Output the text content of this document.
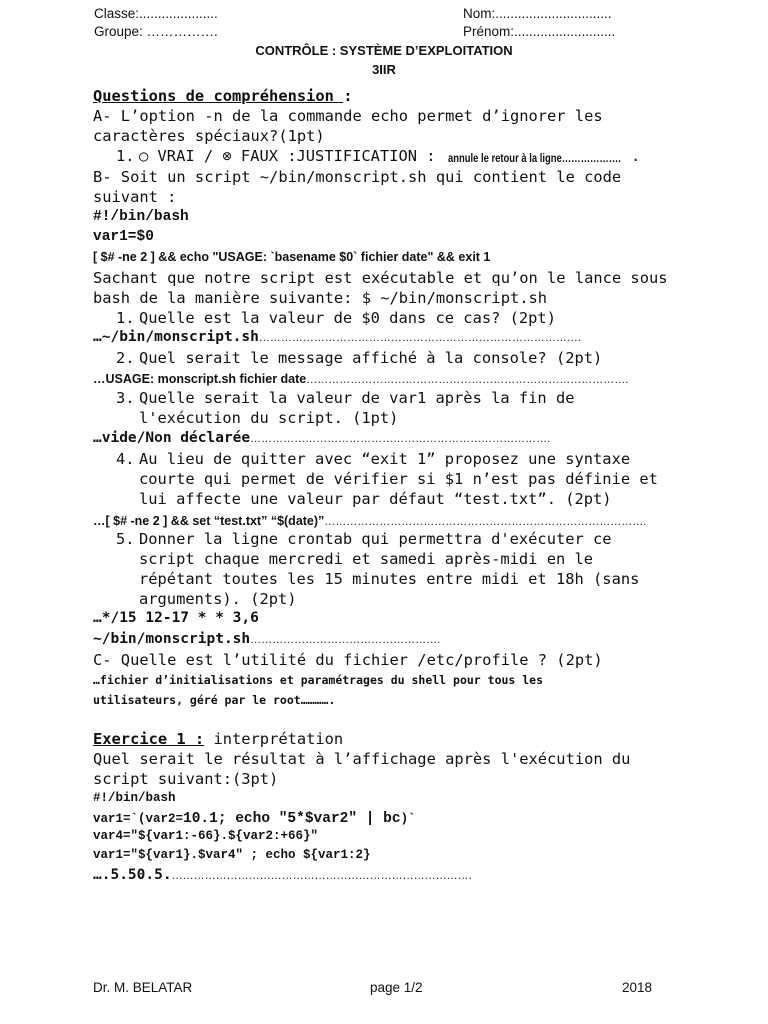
Classe:.....................	Nom:...............................
Groupe: …………….	Prénom:...........................
CONTRÔLE : SYSTÈME D’EXPLOITATION
3IIR
Questions de compréhension :
A- L’option -n de la commande echo permet d’ignorer les
caractères spéciaux?(1pt)
1. ○ VRAI / ⊗ FAUX :JUSTIFICATION : annule le retour à la ligne………………. .
B- Soit un script ~/bin/monscript.sh qui contient le code
suivant :
#!/bin/bash
var1=$0
[ $# -ne 2 ] && echo "USAGE: `basename $0` fichier date" && exit 1
Sachant que notre script est exécutable et qu’on le lance sous
bash de la manière suivante: $ ~/bin/monscript.sh
1. Quelle est la valeur de $0 dans ce cas? (2pt)
…~/bin/monscript.sh…………………………………………………………………………….
2. Quel serait le message affiché à la console? (2pt)
…USAGE: monscript.sh fichier date…………………………………………………………………………….
3. Quelle serait la valeur de var1 après la fin de
l'exécution du script. (1pt)
…vide/Non déclarée……………………………………………………………………….
4. Au lieu de quitter avec “exit 1” proposez une syntaxe
courte qui permet de vérifier si $1 n’est pas définie et
lui affecte une valeur par défaut “test.txt”. (2pt)
…[ $# -ne 2 ] && set “test.txt” “$(date)”…………………………………………………………………………….
5. Donner la ligne crontab qui permettra d'exécuter ce
script chaque mercredi et samedi après-midi en le
répétant toutes les 15 minutes entre midi et 18h (sans
arguments). (2pt)
…*/15 12-17 * * 3,6
~/bin/monscript.sh…………………………………………….
C- Quelle est l’utilité du fichier /etc/profile ? (2pt)
…fichier d’initialisations et paramétrages du shell pour tous les
utilisateurs, géré par le root………….
Exercice 1 : interprétation
Quel serait le résultat à l’affichage après l'exécution du
script suivant:(3pt)
#!/bin/bash
var1=`(var2=10.1; echo "5*$var2" | bc)`
var4="${var1:-66}.${var2:+66}"
var1="${var1}.$var4" ; echo ${var1:2}
….5.50.5.……………………………………………………………………….
Dr. M. BELATAR	page 1/2	2018
